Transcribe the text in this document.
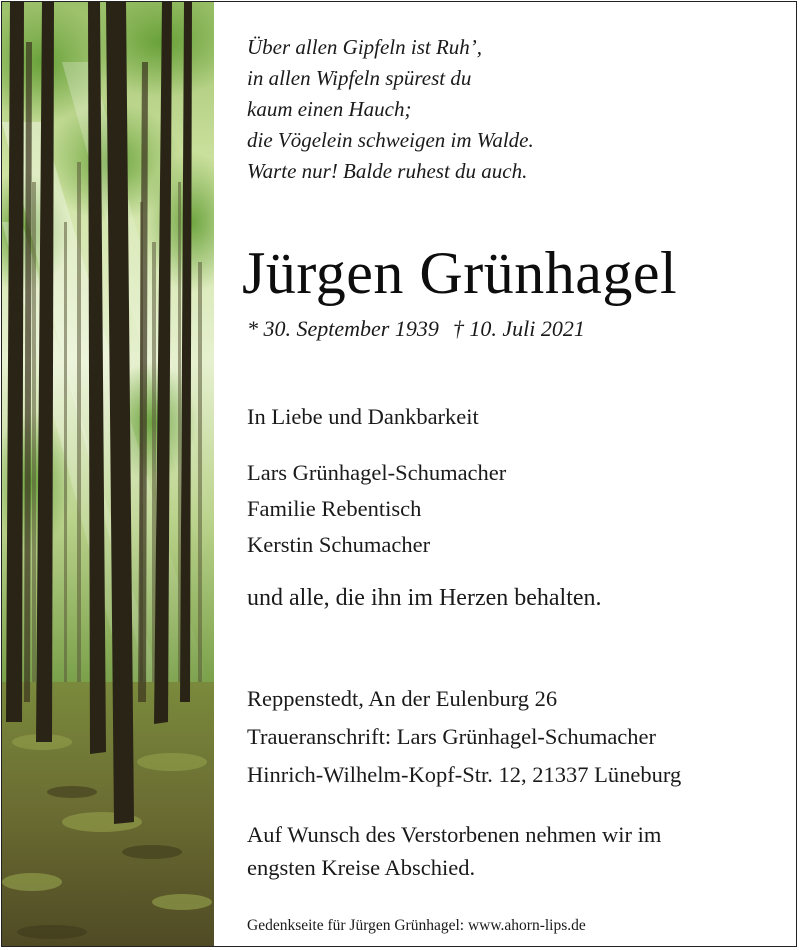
Über allen Gipfeln ist Ruh’,
in allen Wipfeln spürest du
kaum einen Hauch;
die Vögelein schweigen im Walde.
Warte nur! Balde ruhest du auch.
Jürgen Grünhagel
* 30. September 1939 † 10. Juli 2021
In Liebe und Dankbarkeit
Lars Grünhagel-Schumacher
Familie Rebentisch
Kerstin Schumacher
und alle, die ihn im Herzen behalten.
Reppenstedt, An der Eulenburg 26
Traueranschrift: Lars Grünhagel-Schumacher
Hinrich-Wilhelm-Kopf-Str. 12, 21337 Lüneburg
Auf Wunsch des Verstorbenen nehmen wir im
engsten Kreise Abschied.
Gedenkseite für Jürgen Grünhagel: www.ahorn-lips.de
